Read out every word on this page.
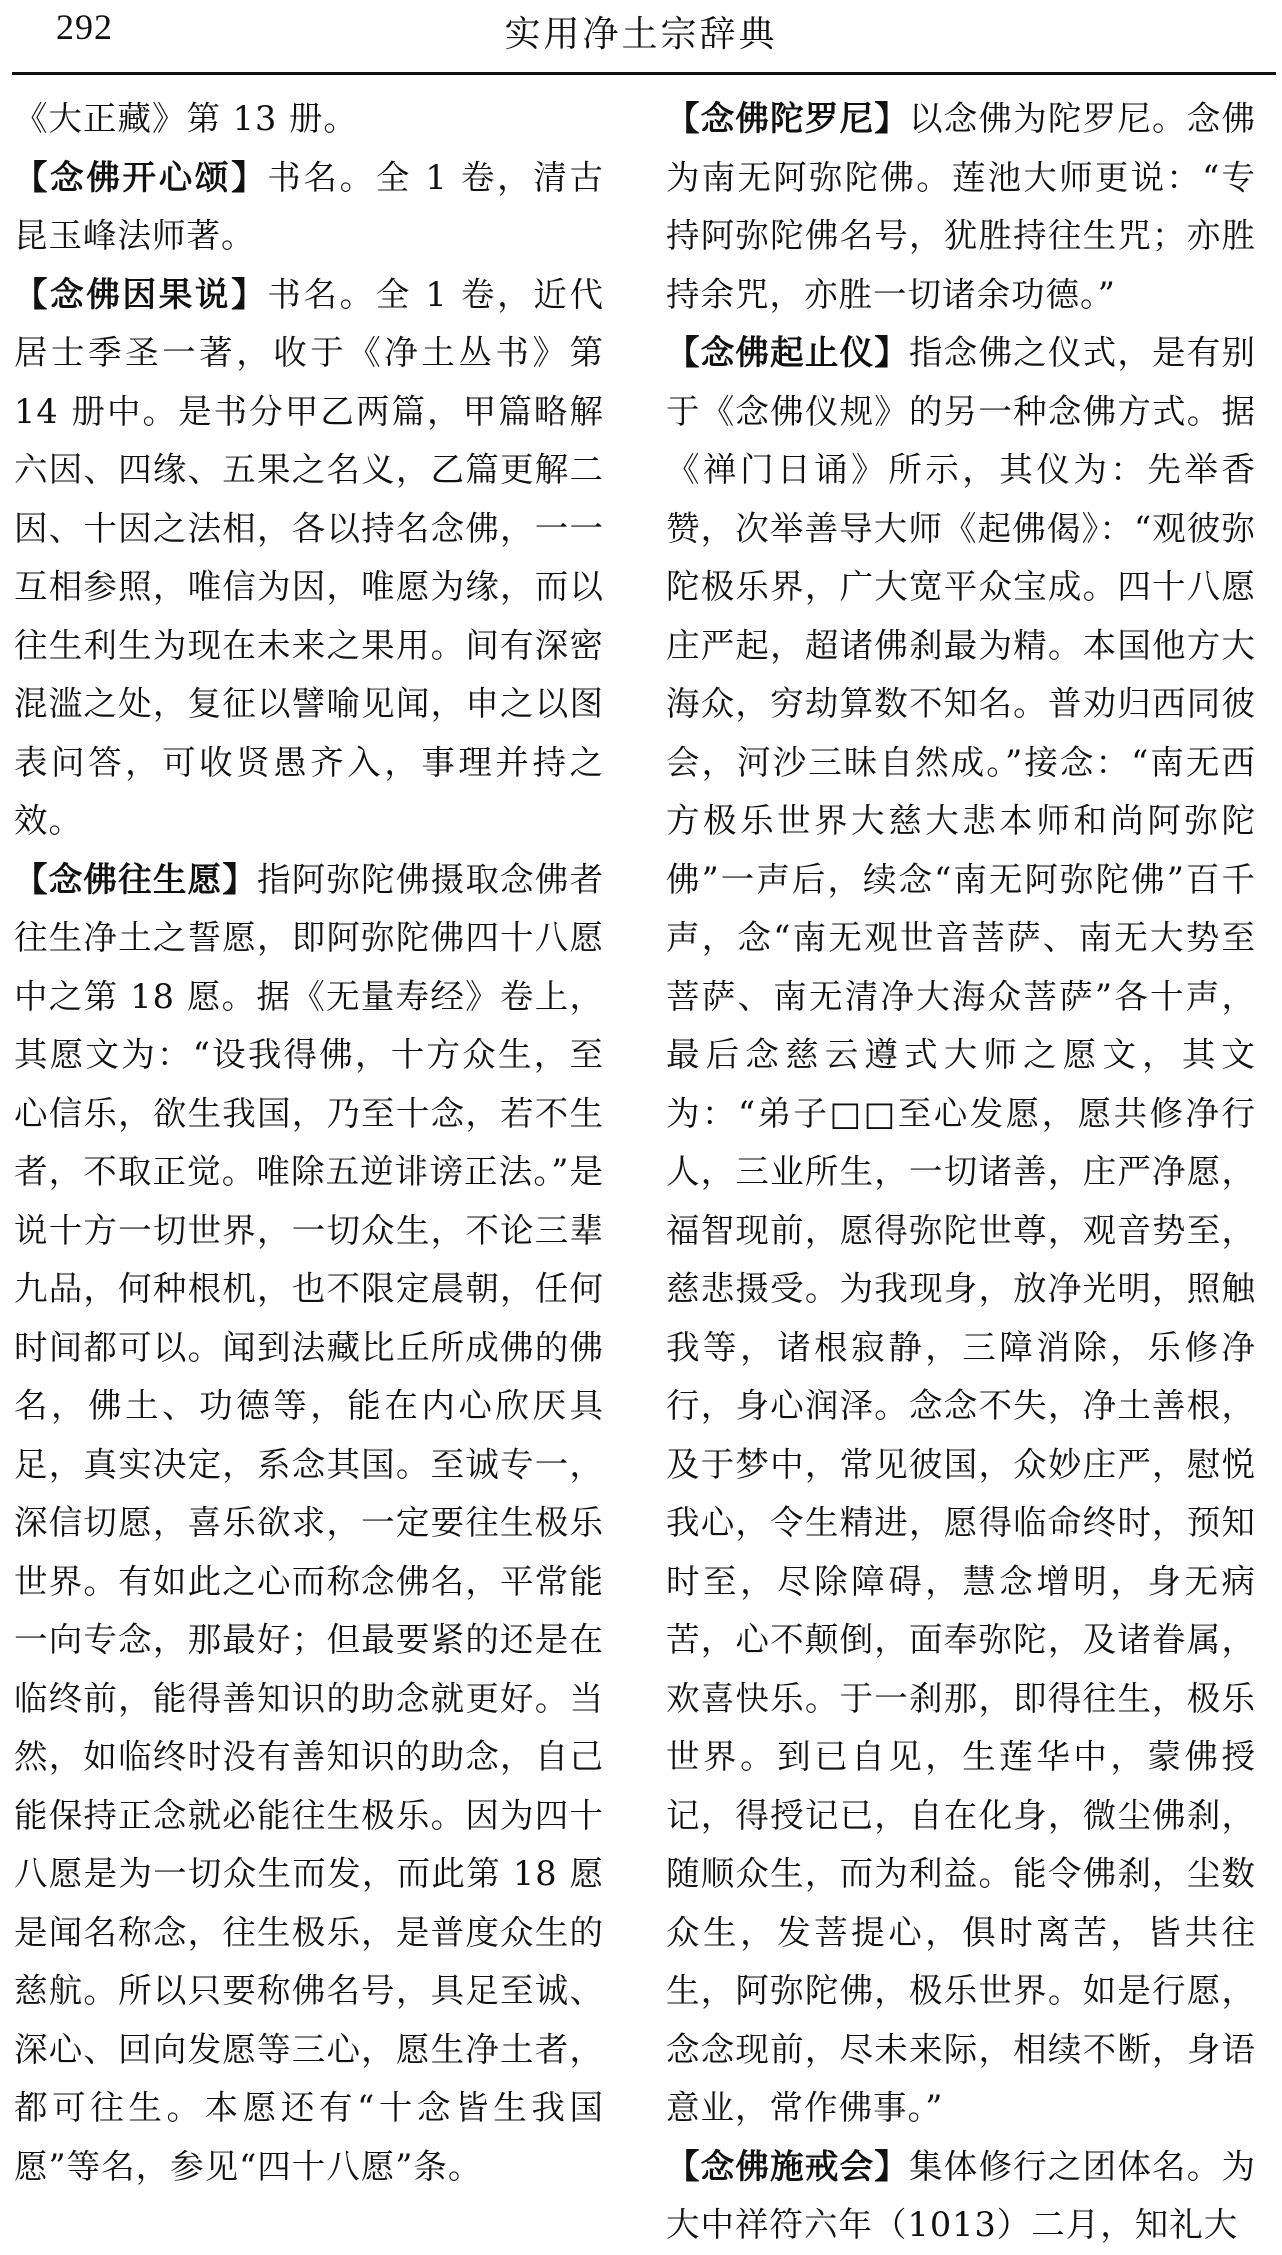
292	实用净土宗辞典

《大正藏》第 13 册。

【念佛开心颂】书名。全 1 卷，清古昆玉峰法师著。

【念佛因果说】书名。全 1 卷，近代居士季圣一著，收于《净土丛书》第 14 册中。是书分甲乙两篇，甲篇略解六因、四缘、五果之名义，乙篇更解二因、十因之法相，各以持名念佛，一一互相参照，唯信为因，唯愿为缘，而以往生利生为现在未来之果用。间有深密混滥之处，复征以譬喻见闻，申之以图表问答，可收贤愚齐入，事理并持之效。

【念佛往生愿】指阿弥陀佛摄取念佛者往生净土之誓愿，即阿弥陀佛四十八愿中之第 18 愿。据《无量寿经》卷上，其愿文为：“设我得佛，十方众生，至心信乐，欲生我国，乃至十念，若不生者，不取正觉。唯除五逆诽谤正法。”是说十方一切世界，一切众生，不论三辈九品，何种根机，也不限定晨朝，任何时间都可以。闻到法藏比丘所成佛的佛名，佛土、功德等，能在内心欣厌具足，真实决定，系念其国。至诚专一，深信切愿，喜乐欲求，一定要往生极乐世界。有如此之心而称念佛名，平常能一向专念，那最好；但最要紧的还是在临终前，能得善知识的助念就更好。当然，如临终时没有善知识的助念，自己能保持正念就必能往生极乐。因为四十八愿是为一切众生而发，而此第 18 愿是闻名称念，往生极乐，是普度众生的慈航。所以只要称佛名号，具足至诚、深心、回向发愿等三心，愿生净土者，都可往生。本愿还有“十念皆生我国愿”等名，参见“四十八愿”条。

【念佛陀罗尼】以念佛为陀罗尼。念佛为南无阿弥陀佛。莲池大师更说：“专持阿弥陀佛名号，犹胜持往生咒；亦胜持余咒，亦胜一切诸余功德。”

【念佛起止仪】指念佛之仪式，是有别于《念佛仪规》的另一种念佛方式。据《禅门日诵》所示，其仪为：先举香赞，次举善导大师《起佛偈》：“观彼弥陀极乐界，广大宽平众宝成。四十八愿庄严起，超诸佛刹最为精。本国他方大海众，穷劫算数不知名。普劝归西同彼会，河沙三昧自然成。”接念：“南无西方极乐世界大慈大悲本师和尚阿弥陀佛”一声后，续念“南无阿弥陀佛”百千声，念“南无观世音菩萨、南无大势至菩萨、南无清净大海众菩萨”各十声，最后念慈云遵式大师之愿文，其文为：“弟子□□至心发愿，愿共修净行人，三业所生，一切诸善，庄严净愿，福智现前，愿得弥陀世尊，观音势至，慈悲摄受。为我现身，放净光明，照触我等，诸根寂静，三障消除，乐修净行，身心润泽。念念不失，净土善根，及于梦中，常见彼国，众妙庄严，慰悦我心，令生精进，愿得临命终时，预知时至，尽除障碍，慧念增明，身无病苦，心不颠倒，面奉弥陀，及诸眷属，欢喜快乐。于一刹那，即得往生，极乐世界。到已自见，生莲华中，蒙佛授记，得授记已，自在化身，微尘佛刹，随顺众生，而为利益。能令佛刹，尘数众生，发菩提心，俱时离苦，皆共往生，阿弥陀佛，极乐世界。如是行愿，念念现前，尽未来际，相续不断，身语意业，常作佛事。”

【念佛施戒会】集体修行之团体名。为大中祥符六年（1013）二月，知礼大
